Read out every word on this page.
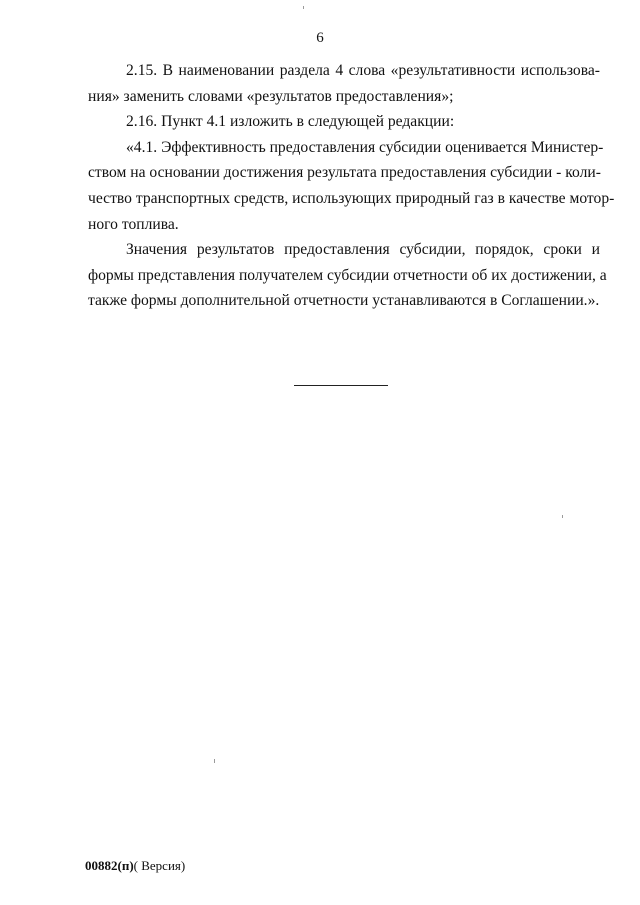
6
2.15. В наименовании раздела 4 слова «результативности использова-
ния» заменить словами «результатов предоставления»;
2.16. Пункт 4.1 изложить в следующей редакции:
«4.1. Эффективность предоставления субсидии оценивается Министер-
ством на основании достижения результата предоставления субсидии - коли-
чество транспортных средств, использующих природный газ в качестве мотор-
ного топлива.
Значения результатов предоставления субсидии, порядок, сроки и
формы представления получателем субсидии отчетности об их достижении, а
также формы дополнительной отчетности устанавливаются в Соглашении.».
00882(п)( Версия)
